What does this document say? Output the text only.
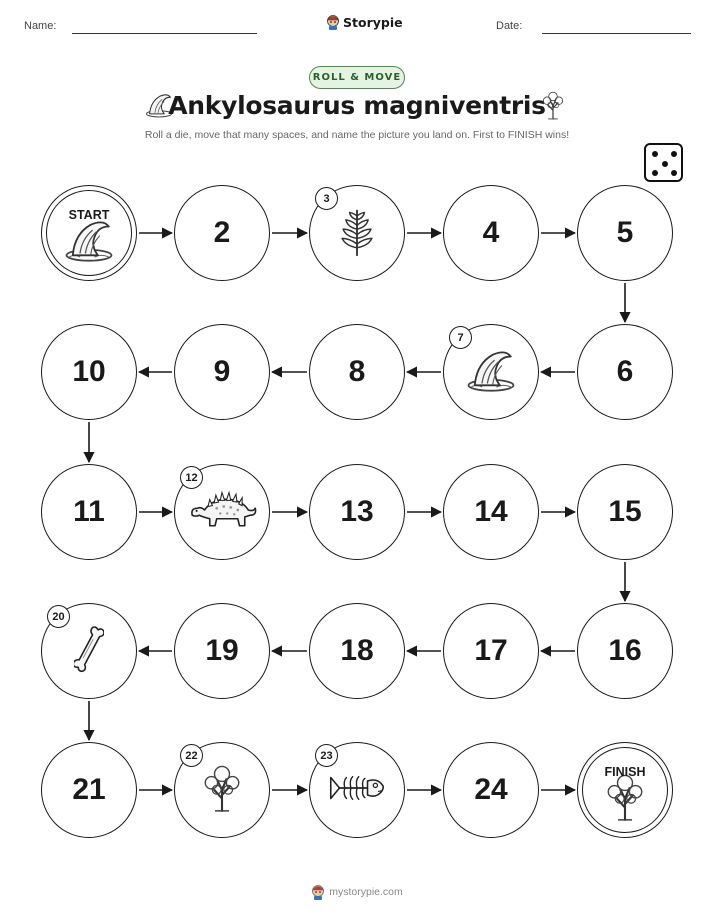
Name:	Storypie	Date:
ROLL & MOVE
Ankylosaurus magniventris
Roll a die, move that many spaces, and name the picture you land on. First to FINISH wins!
START
2
3
4	5
6
7
8
9
10
11
12
13	14	15
16
17
18
19
20
21
22	23
24
FINISH
mystorypie.com
